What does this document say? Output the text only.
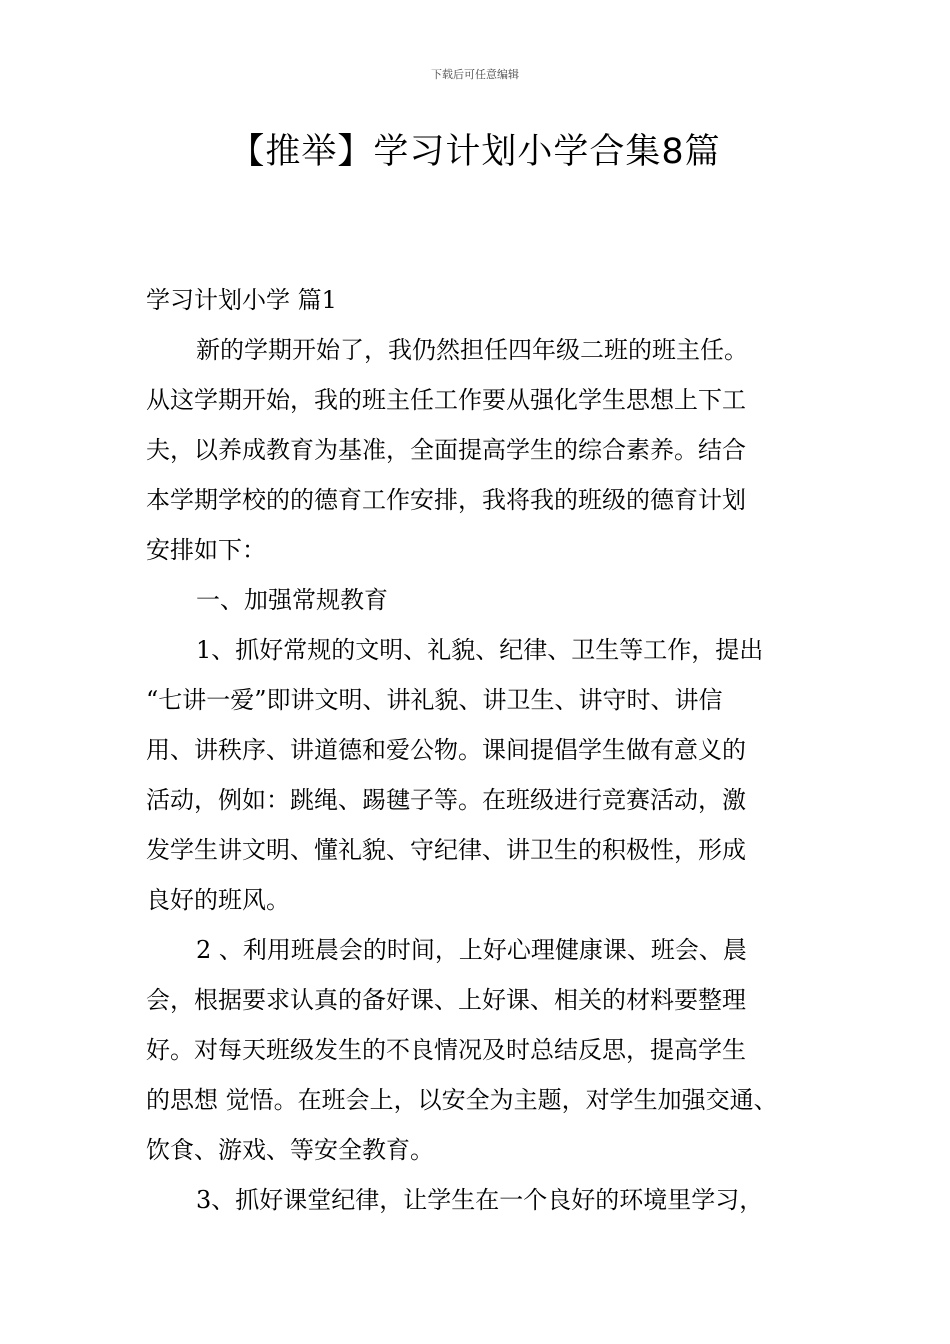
下载后可任意编辑
【推举】学习计划小学合集8篇
学习计划小学 篇1
新的学期开始了，我仍然担任四年级二班的班主任。
从这学期开始，我的班主任工作要从强化学生思想上下工
夫，以养成教育为基准，全面提高学生的综合素养。结合
本学期学校的的德育工作安排，我将我的班级的德育计划
安排如下：
一、加强常规教育
1、抓好常规的文明、礼貌、纪律、卫生等工作，提出
“七讲一爱”即讲文明、讲礼貌、讲卫生、讲守时、讲信
用、讲秩序、讲道德和爱公物。课间提倡学生做有意义的
活动，例如：跳绳、踢毽子等。在班级进行竞赛活动，激
发学生讲文明、懂礼貌、守纪律、讲卫生的积极性，形成
良好的班风。
2 、利用班晨会的时间，上好心理健康课、班会、晨
会，根据要求认真的备好课、上好课、相关的材料要整理
好。对每天班级发生的不良情况及时总结反思，提高学生
的思想 觉悟。在班会上，以安全为主题，对学生加强交通、
饮食、游戏、等安全教育。
3、抓好课堂纪律，让学生在一个良好的环境里学习，
